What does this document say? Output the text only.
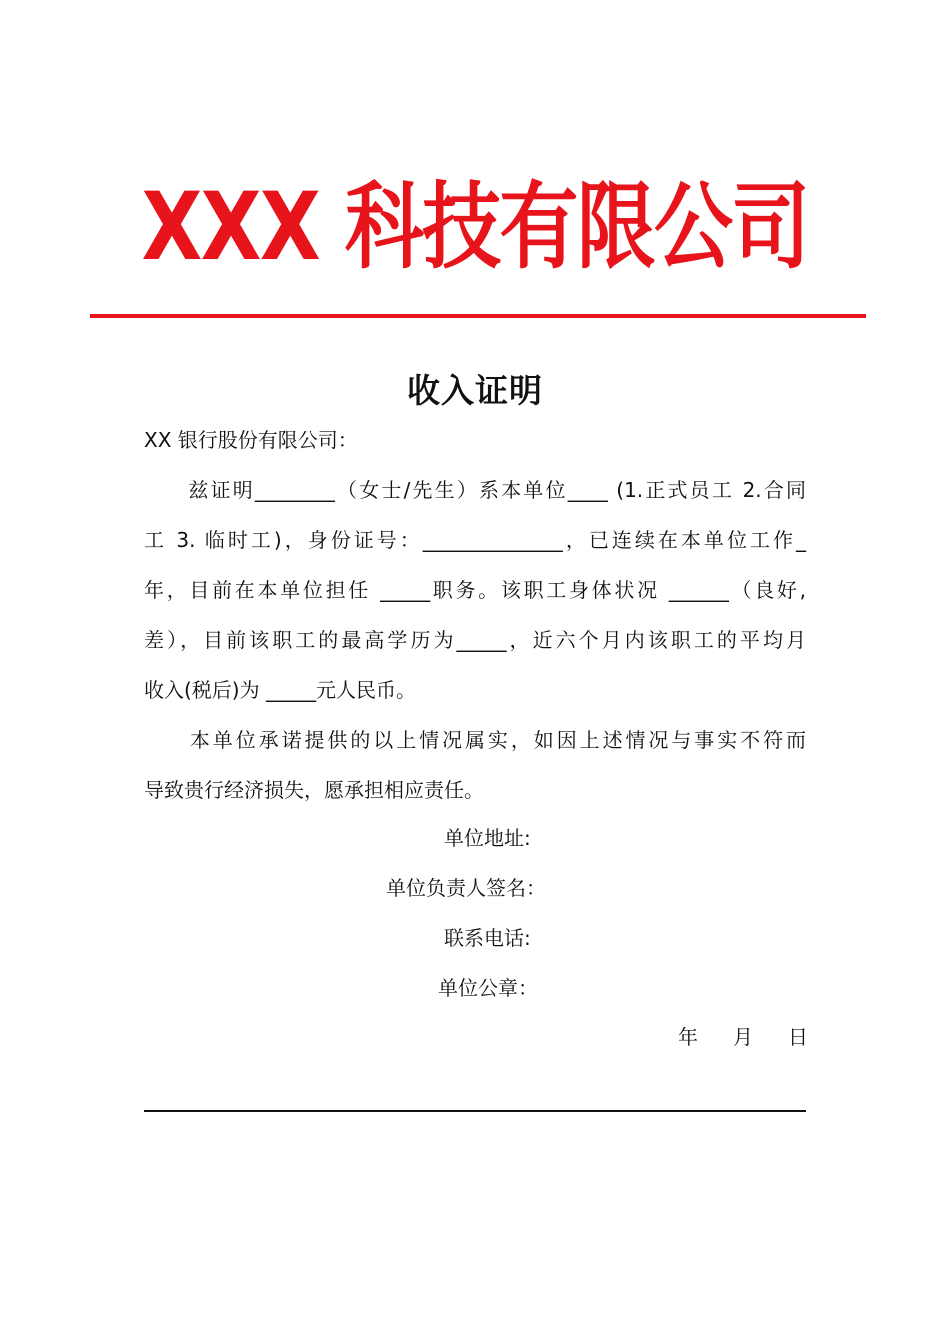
XXX 科技有限公司
收入证明
XX 银行股份有限公司：
　　兹证明________（女士/先生）系本单位____ (1.正式员工 2.合同
工 3. 临时工)，身份证号：______________，已连续在本单位工作_
年，目前在本单位担任 _____职务。该职工身体状况 ______（良好,
差），目前该职工的最高学历为_____，近六个月内该职工的平均月
收入(税后)为 _____元人民币。
　　本单位承诺提供的以上情况属实，如因上述情况与事实不符而
导致贵行经济损失，愿承担相应责任。
单位地址:
单位负责人签名：
联系电话:
单位公章：
年 月 日
